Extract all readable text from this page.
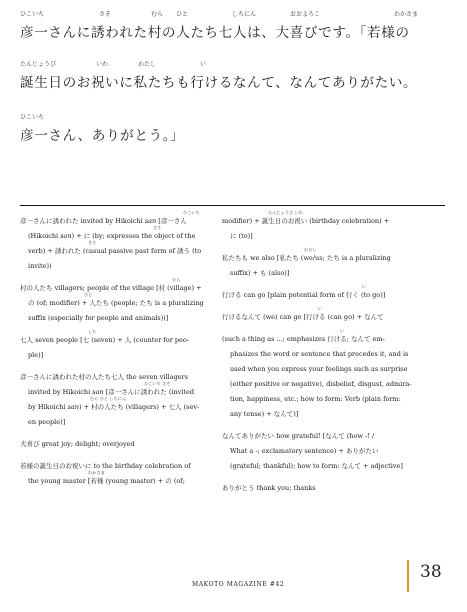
ひこいち	さそ	むら ひと	しちにん	おおよろこ	わかさま
彦一さんに誘われた村の人たち七人は、大喜びです。「若様の
たんじょうび	いわ	わたし	い
誕生日のお祝いに私たちも行けるなんて、なんてありがたい。
ひこいち
彦一さん、ありがとう。」

ひこいち
彦一さんに誘われた invited by Hikoichi san [彦一さん

さそ
(Hikoichi san) + に (by; expresses the object of the

さそ
verb) + 誘われた (casual passive past form of 誘う (to

invite))

むら
村の人たち villagers; people of the village [村 (village) +

ひと
の (of; modifier) + 人たち (people; たち is a pluralizing

suffix (especially for people and animals))]

しち
七人 seven people [七 (seven) + 人 (counter for peo-

ple)]

彦一さんに誘われた村の人たち七人 the seven villagers

ひこいち さそ
invited by Hikoichi san [彦一さんに誘われた (invited

むら ひと しちにん
by Hikoichi san) + 村の人たち (villagers) + 七人 (sev-

en people)]

大喜び great joy; delight; overjoyed

若様の誕生日のお祝いに to the birthday celebration of

わかさま
the young master [若様 (young master) + の (of;

たんじょうび いわ
modifier) + 誕生日のお祝い (birthday celebration) +

に (to)]

わたし
私たちも we also [私たち (we/us; たち is a pluralizing

suffix) + も (also)]

い
行ける can go [plain potential form of 行く (to go)]

い
行けるなんて (we) can go [行ける (can go) + なんて

い
(such a thing as ...; emphasizes 行ける; なんて em-

phasizes the word or sentence that precedes it, and is

used when you express your feelings such as surprise

(either positive or negative), disbelief, disgust, admira-

tion, happiness, etc.; how to form: Verb (plain form:

any tense) + なんて)]

なんてありがたい how grateful! [なんて (how -! /

What a -; exclamatory sentence) + ありがたい

(grateful; thankful); how to form: なんて + adjective]

ありがとう thank you; thanks

MAKOTO MAGAZINE #42
38
